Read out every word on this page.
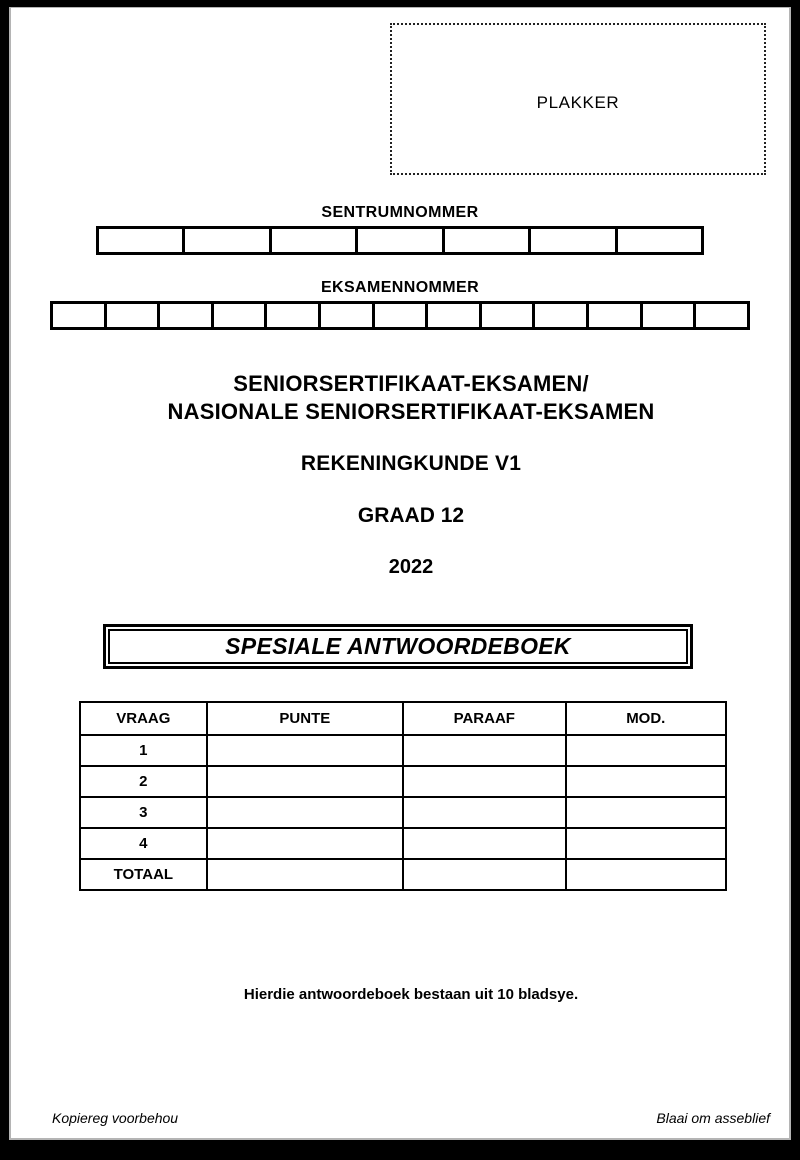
PLAKKER
SENTRUMNOMMER
EKSAMENNOMMER
SENIORSERTIFIKAAT-EKSAMEN/
NASIONALE SENIORSERTIFIKAAT-EKSAMEN
REKENINGKUNDE V1
GRAAD 12
2022
SPESIALE ANTWOORDEBOEK
VRAAG	PUNTE	PARAAF	MOD.
1			
2			
3			
4			
TOTAAL			
Hierdie antwoordeboek bestaan uit 10 bladsye.
Kopiereg voorbehou	Blaai om asseblief
